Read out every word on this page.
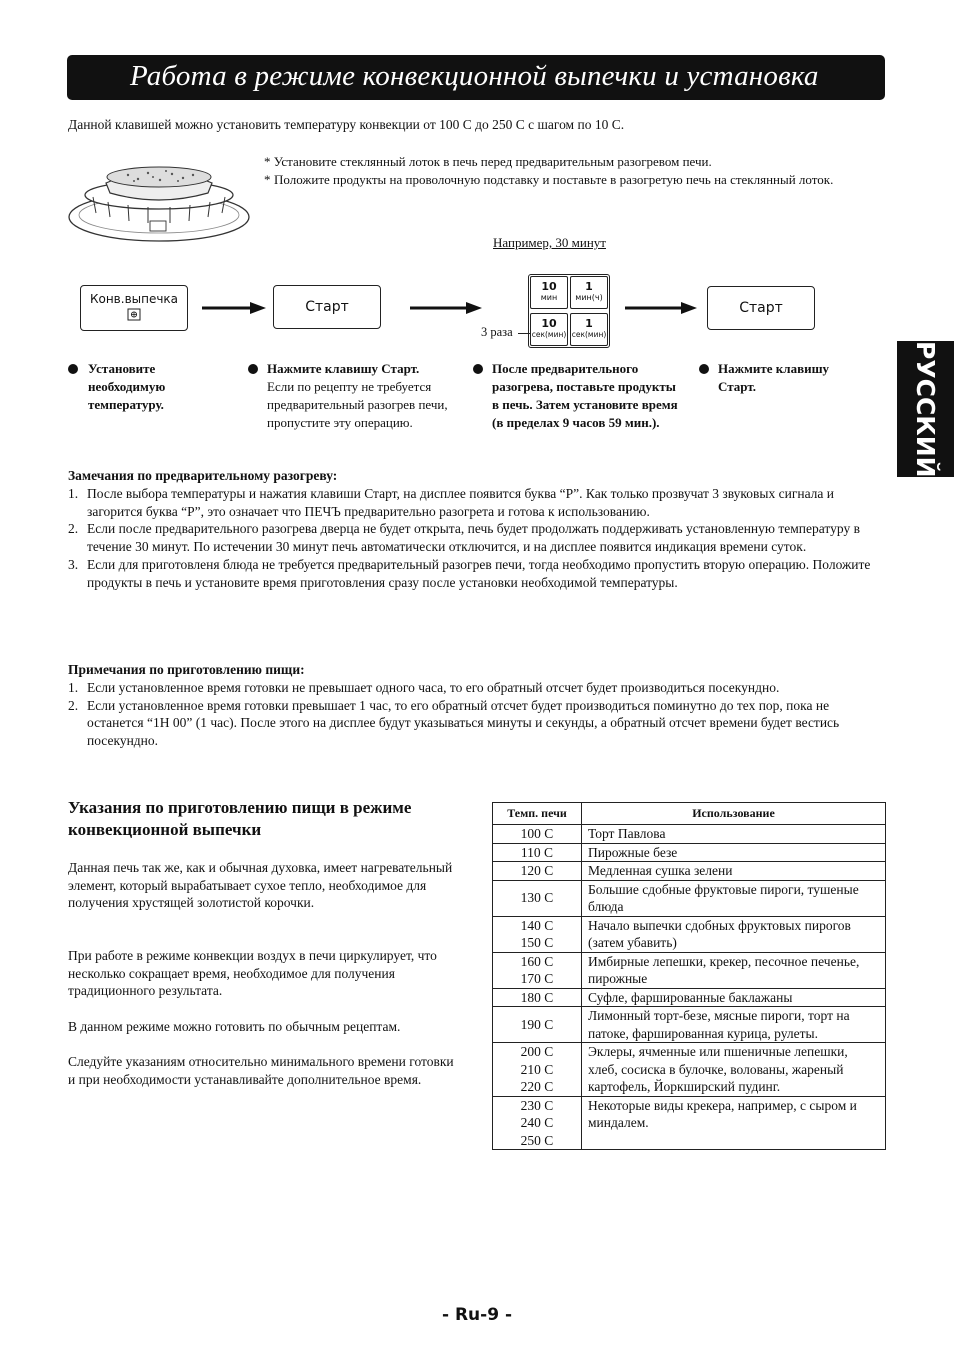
Работа в режиме конвекционной выпечки и установка
Данной клавишей можно установить температуру конвекции от 100 С до 250 С с шагом по 10 С.
* Установите стеклянный лоток в печь перед предварительным разогревом печи.
* Положите продукты на проволочную подставку и поставьте в разогретую печь на стеклянный лоток.
Например, 30 минут
Конв.выпечка	Старт
10
мин
1
мин(ч)
10
сек(мин)
1
сек(мин)
3 раза
Старт
Установите необходимую температуру.
Нажмите клавишу Старт.
Если по рецепту не требуется предварительный разогрев печи, пропустите эту операцию.
После предварительного разогрева, поставьте продукты в печь. Затем установите время (в пределах 9 часов 59 мин.).
Нажмите клавишу Старт.	РУССКИЙ
Замечания по предварительному разогреву:
1. После выбора температуры и нажатия клавиши Старт, на дисплее появится буква “P”. Как только прозвучат 3 звуковых сигнала и загорится буква “P”, это означает что ПЕЧЪ предварительно разогрета и готова к использованию.
2. Если после предварительного разогрева дверца не будет открыта, печь будет продолжать поддерживать установленную температуру в течение 30 минут. По истечении 30 минут печь автоматически отключится, и на дисплее появится индикация времени суток.
3. Если для приготовленя блюда не требуется предварительный разогрев печи, тогда необходимо пропустить вторую операцию. Положите продукты в печь и установите время приготовления сразу после установки необходимой температуры.
Примечания по приготовлению пищи:
1. Если установленное время готовки не превышает одного часа, то его обратный отсчет будет производиться посекундно.
2. Если установленное время готовки превышает 1 час, то его обратный отсчет будет производиться поминутно до тех пор, пока не останется “1H 00” (1 час). После этого на дисплее будут указываться минуты и секунды, а обратный отсчет времени будет вестись посекундно.
Указания по приготовлению пищи в режиме конвекционной выпечки
Данная печь так же, как и обычная духовка, имеет нагревательный элемент, который вырабатывает сухое тепло, необходимое для получения хрустящей золотистой корочки.
При работе в режиме конвекции воздух в печи циркулирует, что несколько сокращает время, необходимое для получения традиционного результата.
В данном режиме можно готовить по обычным рецептам.
Следуйте указаниям относительно минимального времени готовки и при необходимости устанавливайте дополнительное время.
Темп. печи	Использование

100 С	Торт Павлова

110 С	Пирожные безе

120 С	Медленная сушка зелени

130 С	Большие сдобные фруктовые пироги, тушеные блюда

140 С
150 С	Начало выпечки сдобных фруктовых пирогов (затем убавить)

160 С
170 С	Имбирные лепешки, крекер, песочное печенье, пирожные

180 С	Суфле, фаршированные баклажаны

190 С	Лимонный торт-безе, мясные пироги, торт на патоке, фаршированная курица, рулеты.

200 С
210 С
220 С	Эклеры, ячменные или пшеничные лепешки, хлеб, сосиска в булочке, волованы, жареный картофель, Йоркширский пудинг.

230 С
240 С
250 С	Некоторые виды крекера, например, с сыром и миндалем.
- Ru-9 -
